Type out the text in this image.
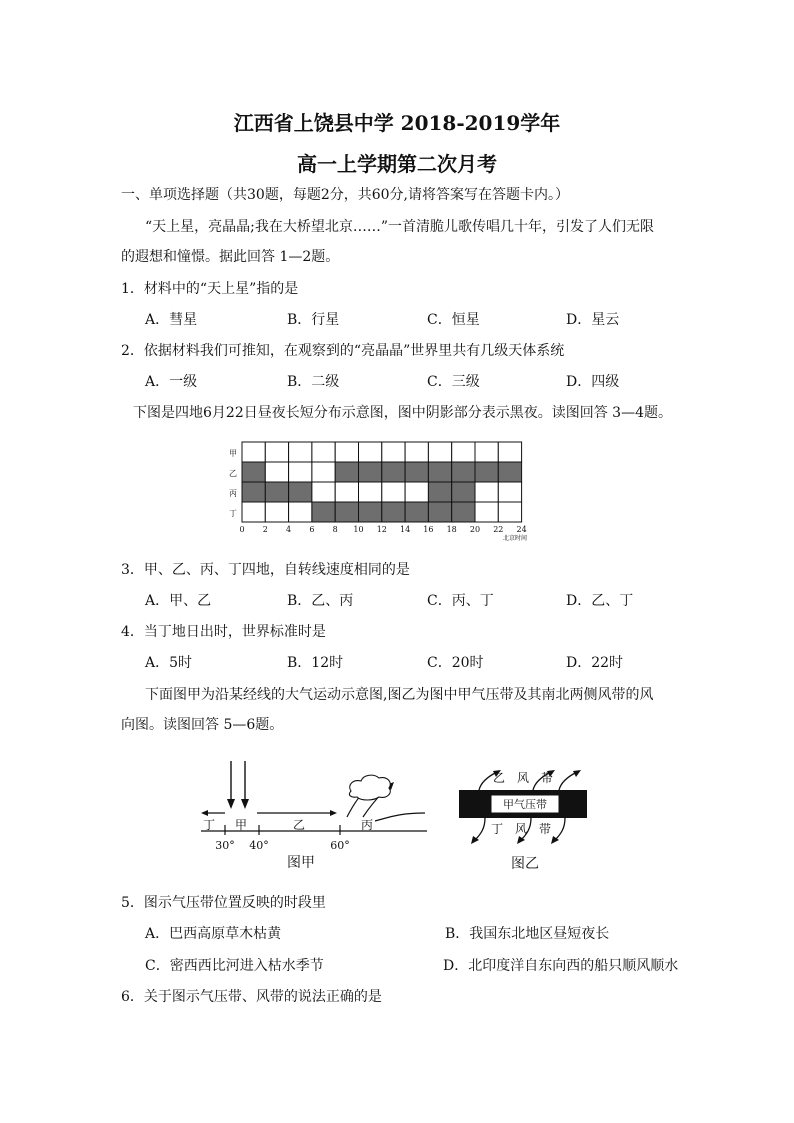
江西省上饶县中学 2018-2019学年
高一上学期第二次月考
一、单项选择题（共30题，每题2分，共60分,请将答案写在答题卡内。）
“天上星，亮晶晶;我在大桥望北京……”一首清脆儿歌传唱几十年，引发了人们无限
的遐想和憧憬。据此回答 1—2题。
1．材料中的“天上星”指的是
A．彗星	B．行星	C．恒星	D．星云
2．依据材料我们可推知，在观察到的“亮晶晶”世界里共有几级天体系统
A．一级	B．二级	C．三级	D．四级
下图是四地6月22日昼夜长短分布示意图，图中阴影部分表示黑夜。读图回答 3—4题。
甲
乙
丙
丁
0 2 4 6 8 10 12 14 16 18 20 22 24
北京时间
3．甲、乙、丙、丁四地，自转线速度相同的是
A．甲、乙	B．乙、丙	C．丙、丁	D．乙、丁
4．当丁地日出时，世界标准时是
A．5时	B．12时	C．20时	D．22时
下面图甲为沿某经线的大气运动示意图,图乙为图中甲气压带及其南北两侧风带的风
向图。读图回答 5—6题。
丁 甲	乙	丙
30° 40°	60°
图甲
乙　风　带
甲气压带
丁　风　带
图乙
5．图示气压带位置反映的时段里
A．巴西高原草木枯黄	B．我国东北地区昼短夜长
C．密西西比河进入枯水季节	D．北印度洋自东向西的船只顺风顺水
6．关于图示气压带、风带的说法正确的是
